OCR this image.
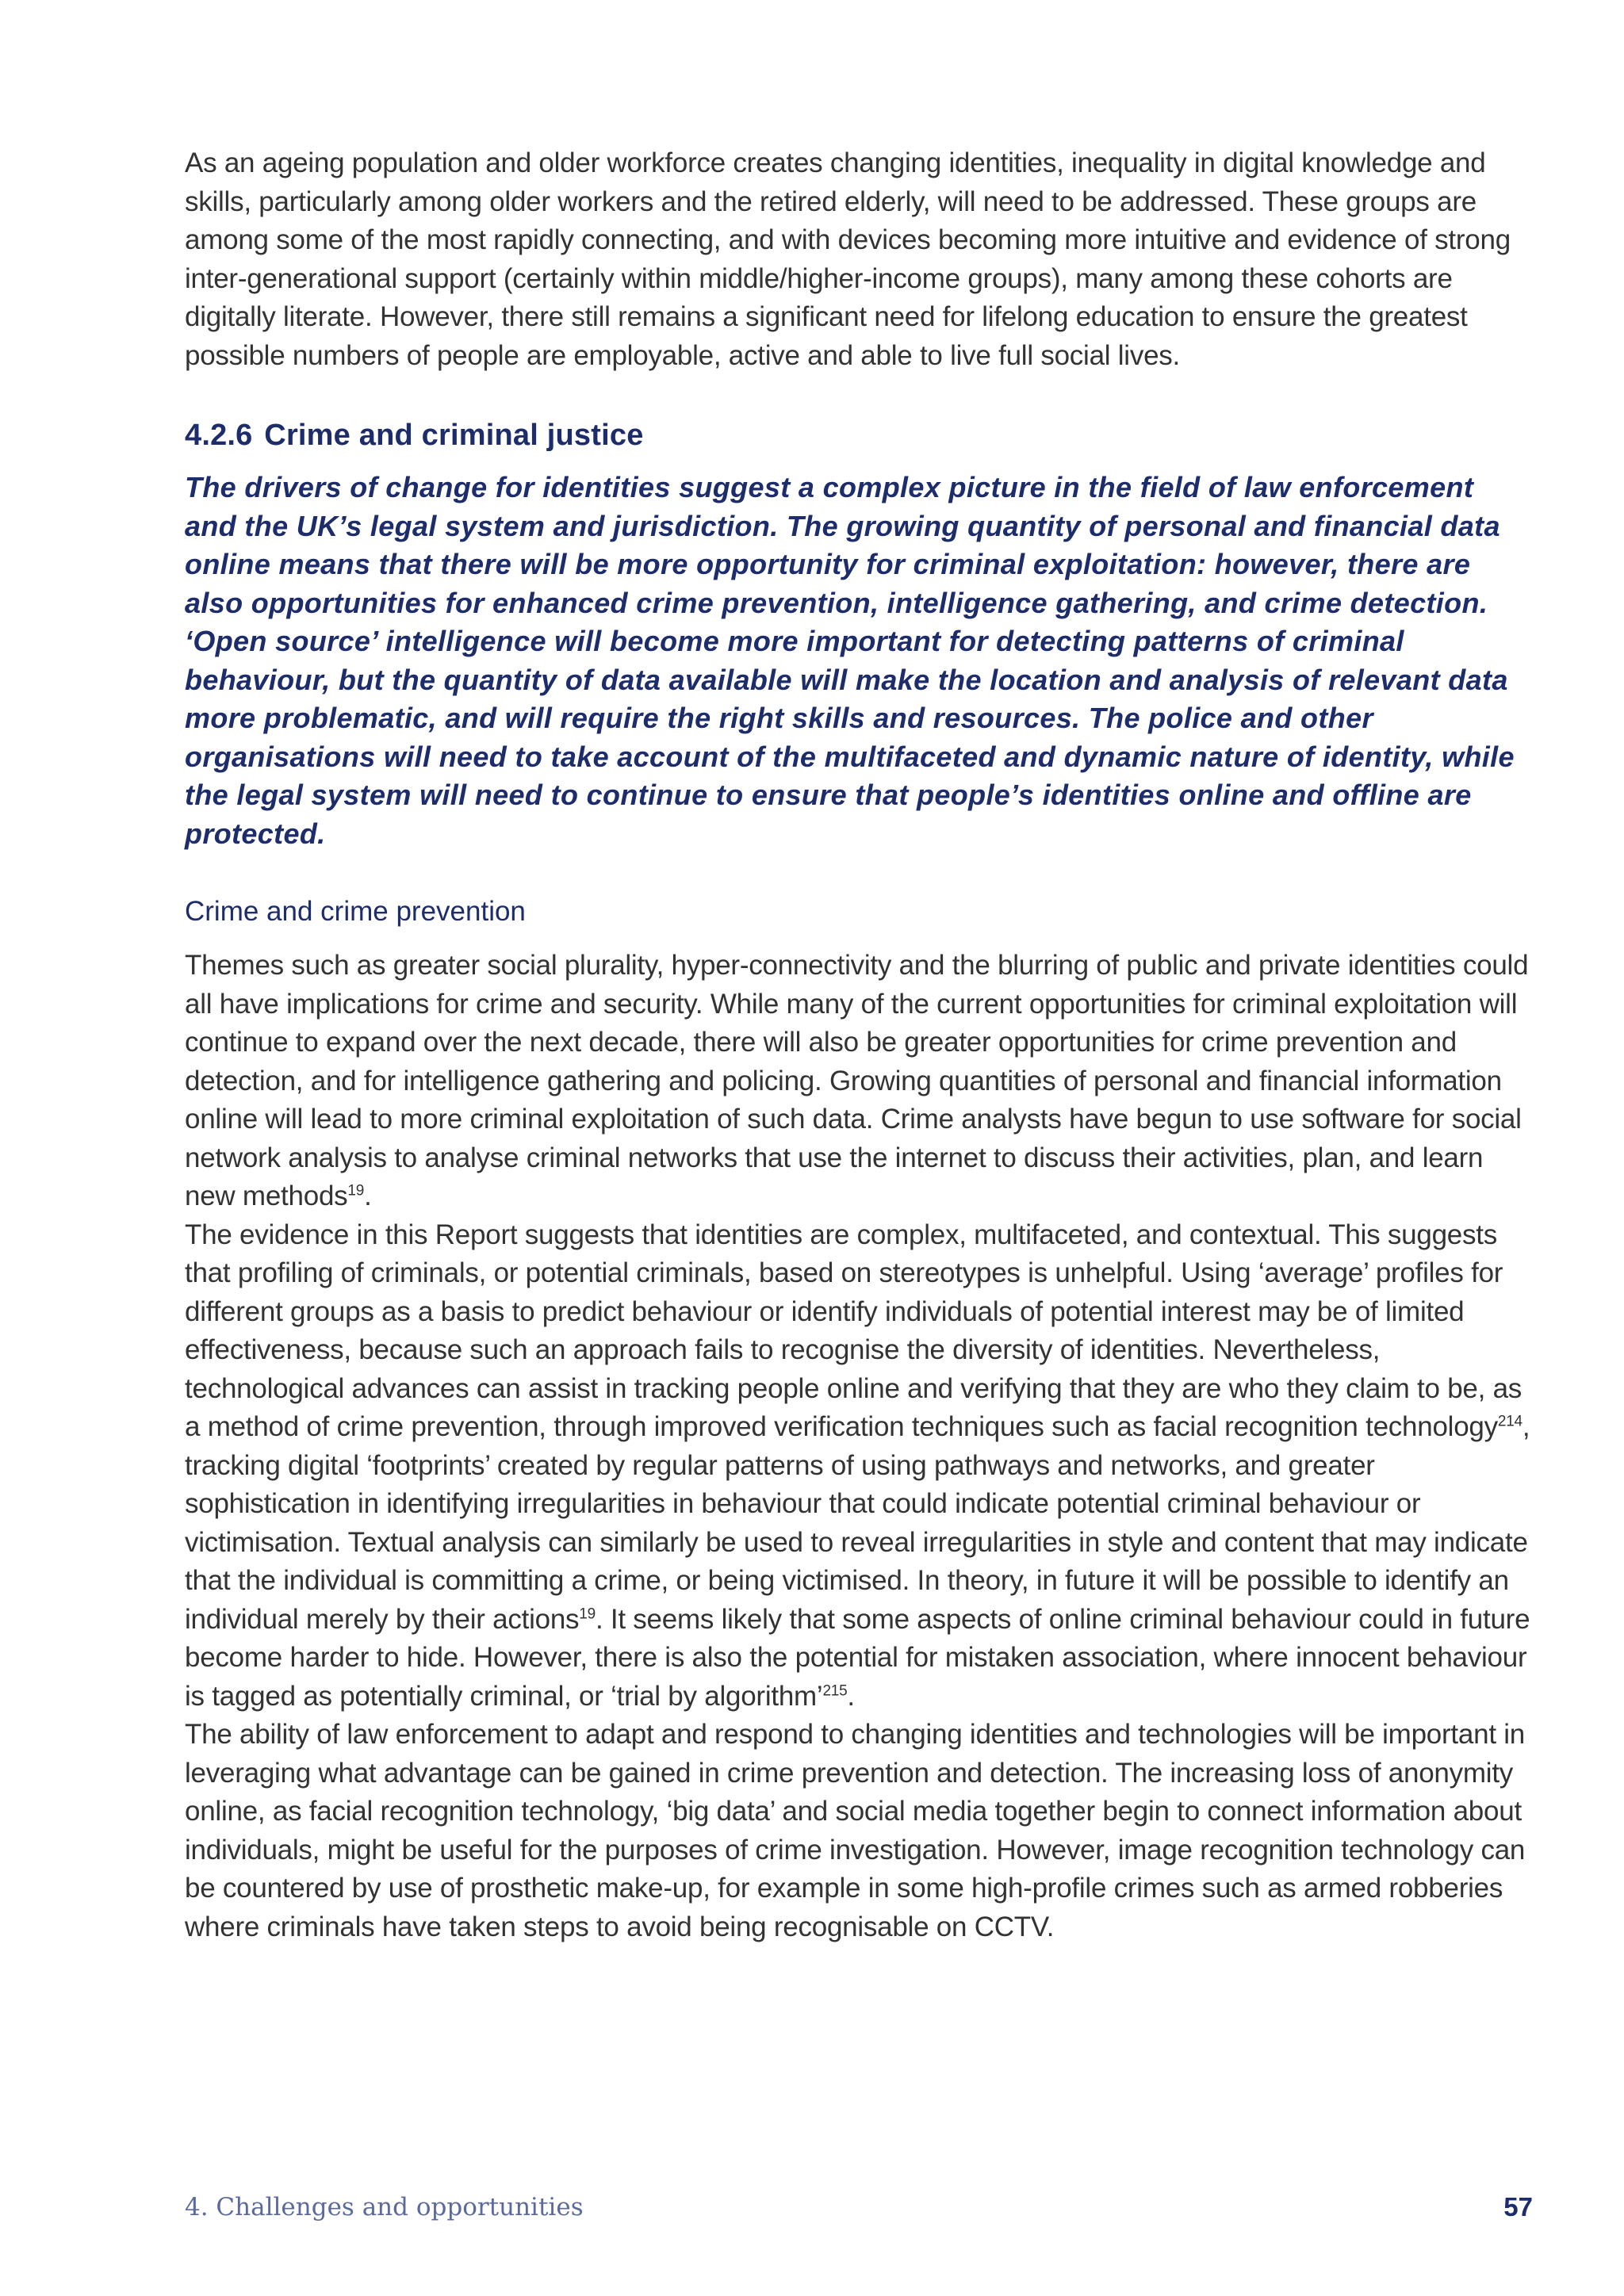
As an ageing population and older workforce creates changing identities, inequality in digital knowledge and skills, particularly among older workers and the retired elderly, will need to be addressed. These groups are among some of the most rapidly connecting, and with devices becoming more intuitive and evidence of strong inter-generational support (certainly within middle/higher-income groups), many among these cohorts are digitally literate. However, there still remains a significant need for lifelong education to ensure the greatest possible numbers of people are employable, active and able to live full social lives.

4.2.6 Crime and criminal justice

The drivers of change for identities suggest a complex picture in the field of law enforcement and the UK’s legal system and jurisdiction. The growing quantity of personal and financial data online means that there will be more opportunity for criminal exploitation: however, there are also opportunities for enhanced crime prevention, intelligence gathering, and crime detection. ‘Open source’ intelligence will become more important for detecting patterns of criminal behaviour, but the quantity of data available will make the location and analysis of relevant data more problematic, and will require the right skills and resources. The police and other organisations will need to take account of the multifaceted and dynamic nature of identity, while the legal system will need to continue to ensure that people’s identities online and offline are protected.

Crime and crime prevention

Themes such as greater social plurality, hyper-connectivity and the blurring of public and private identities could all have implications for crime and security. While many of the current opportunities for criminal exploitation will continue to expand over the next decade, there will also be greater opportunities for crime prevention and detection, and for intelligence gathering and policing. Growing quantities of personal and financial information online will lead to more criminal exploitation of such data. Crime analysts have begun to use software for social network analysis to analyse criminal networks that use the internet to discuss their activities, plan, and learn new methods$^{19}$.

The evidence in this Report suggests that identities are complex, multifaceted, and contextual. This suggests that profiling of criminals, or potential criminals, based on stereotypes is unhelpful. Using ‘average’ profiles for different groups as a basis to predict behaviour or identify individuals of potential interest may be of limited effectiveness, because such an approach fails to recognise the diversity of identities. Nevertheless, technological advances can assist in tracking people online and verifying that they are who they claim to be, as a method of crime prevention, through improved verification techniques such as facial recognition technology$^{214}$, tracking digital ‘footprints’ created by regular patterns of using pathways and networks, and greater sophistication in identifying irregularities in behaviour that could indicate potential criminal behaviour or victimisation. Textual analysis can similarly be used to reveal irregularities in style and content that may indicate that the individual is committing a crime, or being victimised. In theory, in future it will be possible to identify an individual merely by their actions$^{19}$. It seems likely that some aspects of online criminal behaviour could in future become harder to hide. However, there is also the potential for mistaken association, where innocent behaviour is tagged as potentially criminal, or ‘trial by algorithm’$^{215}$.

The ability of law enforcement to adapt and respond to changing identities and technologies will be important in leveraging what advantage can be gained in crime prevention and detection. The increasing loss of anonymity online, as facial recognition technology, ‘big data’ and social media together begin to connect information about individuals, might be useful for the purposes of crime investigation. However, image recognition technology can be countered by use of prosthetic make-up, for example in some high-profile crimes such as armed robberies where criminals have taken steps to avoid being recognisable on CCTV.

4. Challenges and opportunities	57
